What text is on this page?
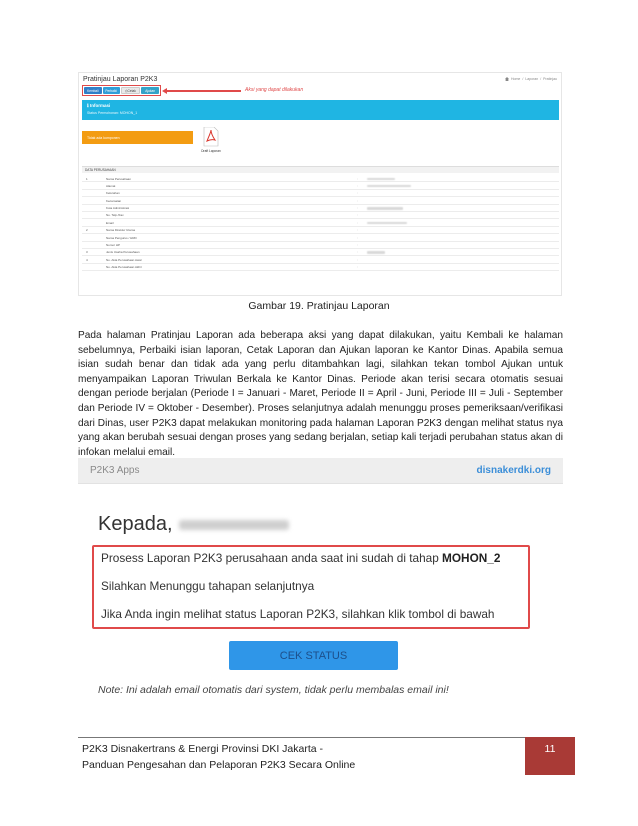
Pratinjau Laporan P2K3	Home / Laporan / Pratinjau
Kembali	Perbaiki	⎙ Cetak	Ajukan	Aksi yang dapat dilakukan
ℹ Informasi
Status Permohonan: MOHON_1
Tidak ada komponen
Draft Laporan
DATA PERUSAHAAN
1	Nama Perusahaan	:
Alamat	:
Kelurahan	:
Kecamatan	:
Kota Administrasi	:
No. Telp./Fax	:
Email	:
2	Nama Direktur Utama	:
Nama Pengurus / HRD	:
Nomor HP	:
3	Jenis Usaha Perusahaan	:
4	No. Akta Perusahaan Awal	:
No. Akta Perusahaan Akhir	:
Gambar 19. Pratinjau Laporan
Pada halaman Pratinjau Laporan ada beberapa aksi yang dapat dilakukan, yaitu Kembali ke halaman sebelumnya, Perbaiki isian laporan, Cetak Laporan dan Ajukan laporan ke Kantor Dinas. Apabila semua isian sudah benar dan tidak ada yang perlu ditambahkan lagi, silahkan tekan tombol Ajukan untuk menyampaikan Laporan Triwulan Berkala ke Kantor Dinas. Periode akan terisi secara otomatis sesuai dengan periode berjalan (Periode I = Januari - Maret, Periode II = April - Juni, Periode III = Juli - September dan Periode IV = Oktober - Desember). Proses selanjutnya adalah menunggu proses pemeriksaan/verifikasi dari Dinas, user P2K3 dapat melakukan monitoring pada halaman Laporan P2K3 dengan melihat status nya yang akan berubah sesuai dengan proses yang sedang berjalan, setiap kali terjadi perubahan status akan di infokan melalui email.
P2K3 Apps	disnakerdki.org
Kepada,
Prosess Laporan P2K3 perusahaan anda saat ini sudah di tahap MOHON_2
Silahkan Menunggu tahapan selanjutnya
Jika Anda ingin melihat status Laporan P2K3, silahkan klik tombol di bawah
CEK STATUS
Note: Ini adalah email otomatis dari system, tidak perlu membalas email ini!
P2K3 Disnakertrans & Energi Provinsi DKI Jakarta -
Panduan Pengesahan dan Pelaporan P2K3 Secara Online
11
